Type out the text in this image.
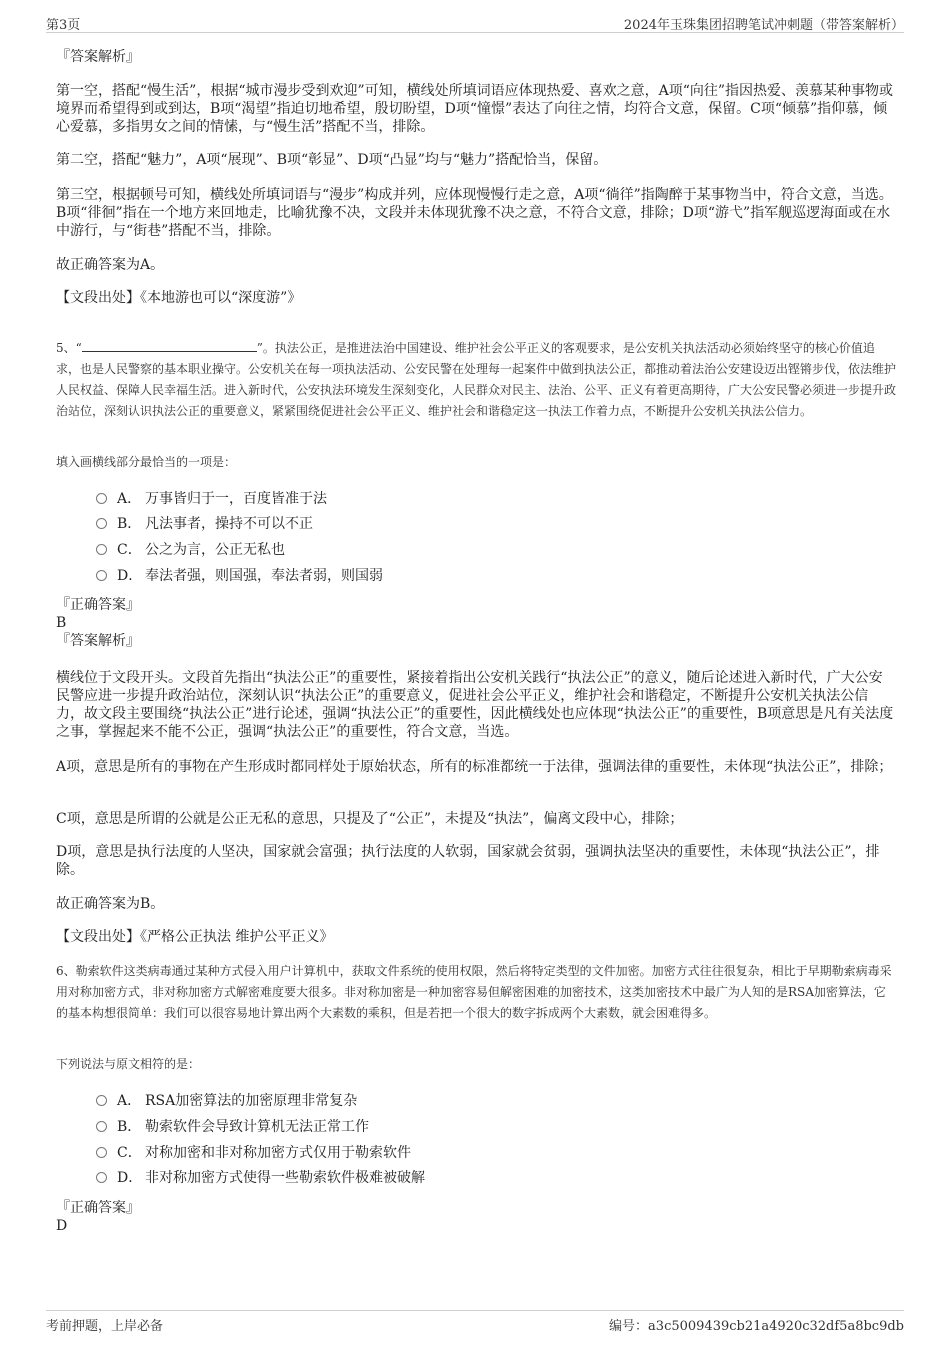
第3页	2024年玉珠集团招聘笔试冲刺题（带答案解析）

『答案解析』

第一空，搭配“慢生活”，根据“城市漫步受到欢迎”可知，横线处所填词语应体现热爱、喜欢之意，A项“向往”指因热爱、羡慕某种事物或境界而希望得到或到达，B项“渴望”指迫切地希望，殷切盼望，D项“憧憬”表达了向往之情，均符合文意，保留。C项“倾慕”指仰慕，倾心爱慕，多指男女之间的情愫，与“慢生活”搭配不当，排除。

第二空，搭配“魅力”，A项“展现”、B项“彰显”、D项“凸显”均与“魅力”搭配恰当，保留。

第三空，根据顿号可知，横线处所填词语与“漫步”构成并列，应体现慢慢行走之意，A项“徜徉”指陶醉于某事物当中，符合文意，当选。B项“徘徊”指在一个地方来回地走，比喻犹豫不决，文段并未体现犹豫不决之意，不符合文意，排除；D项“游弋”指军舰巡逻海面或在水中游行，与“街巷”搭配不当，排除。

故正确答案为A。

【文段出处】《本地游也可以“深度游”》

5、“	”。执法公正，是推进法治中国建设、维护社会公平正义的客观要求，是公安机关执法活动必须始终坚守的核心价值追求，也是人民警察的基本职业操守。公安机关在每一项执法活动、公安民警在处理每一起案件中做到执法公正，都推动着法治公安建设迈出铿锵步伐，依法维护人民权益、保障人民幸福生活。进入新时代，公安执法环境发生深刻变化，人民群众对民主、法治、公平、正义有着更高期待，广大公安民警必须进一步提升政治站位，深刻认识执法公正的重要意义，紧紧围绕促进社会公平正义、维护社会和谐稳定这一执法工作着力点，不断提升公安机关执法公信力。

填入画横线部分最恰当的一项是：

A． 万事皆归于一，百度皆准于法
B． 凡法事者，操持不可以不正
C． 公之为言，公正无私也
D． 奉法者强，则国强，奉法者弱，则国弱

『正确答案』

B

『答案解析』

横线位于文段开头。文段首先指出“执法公正”的重要性，紧接着指出公安机关践行“执法公正”的意义，随后论述进入新时代，广大公安民警应进一步提升政治站位，深刻认识“执法公正”的重要意义，促进社会公平正义，维护社会和谐稳定，不断提升公安机关执法公信力，故文段主要围绕“执法公正”进行论述，强调“执法公正”的重要性，因此横线处也应体现“执法公正”的重要性，B项意思是凡有关法度之事，掌握起来不能不公正，强调“执法公正”的重要性，符合文意，当选。

A项，意思是所有的事物在产生形成时都同样处于原始状态，所有的标准都统一于法律，强调法律的重要性，未体现“执法公正”，排除；

C项，意思是所谓的公就是公正无私的意思，只提及了“公正”，未提及“执法”，偏离文段中心，排除；

D项，意思是执行法度的人坚决，国家就会富强；执行法度的人软弱，国家就会贫弱，强调执法坚决的重要性，未体现“执法公正”，排除。

故正确答案为B。

【文段出处】《严格公正执法 维护公平正义》

6、勒索软件这类病毒通过某种方式侵入用户计算机中，获取文件系统的使用权限，然后将特定类型的文件加密。加密方式往往很复杂，相比于早期勒索病毒采用对称加密方式，非对称加密方式解密难度要大很多。非对称加密是一种加密容易但解密困难的加密技术，这类加密技术中最广为人知的是RSA加密算法，它的基本构想很简单：我们可以很容易地计算出两个大素数的乘积，但是若把一个很大的数字拆成两个大素数，就会困难得多。

下列说法与原文相符的是：

A． RSA加密算法的加密原理非常复杂
B． 勒索软件会导致计算机无法正常工作
C． 对称加密和非对称加密方式仅用于勒索软件
D． 非对称加密方式使得一些勒索软件极难被破解

『正确答案』

D

考前押题，上岸必备	编号：a3c5009439cb21a4920c32df5a8bc9db
